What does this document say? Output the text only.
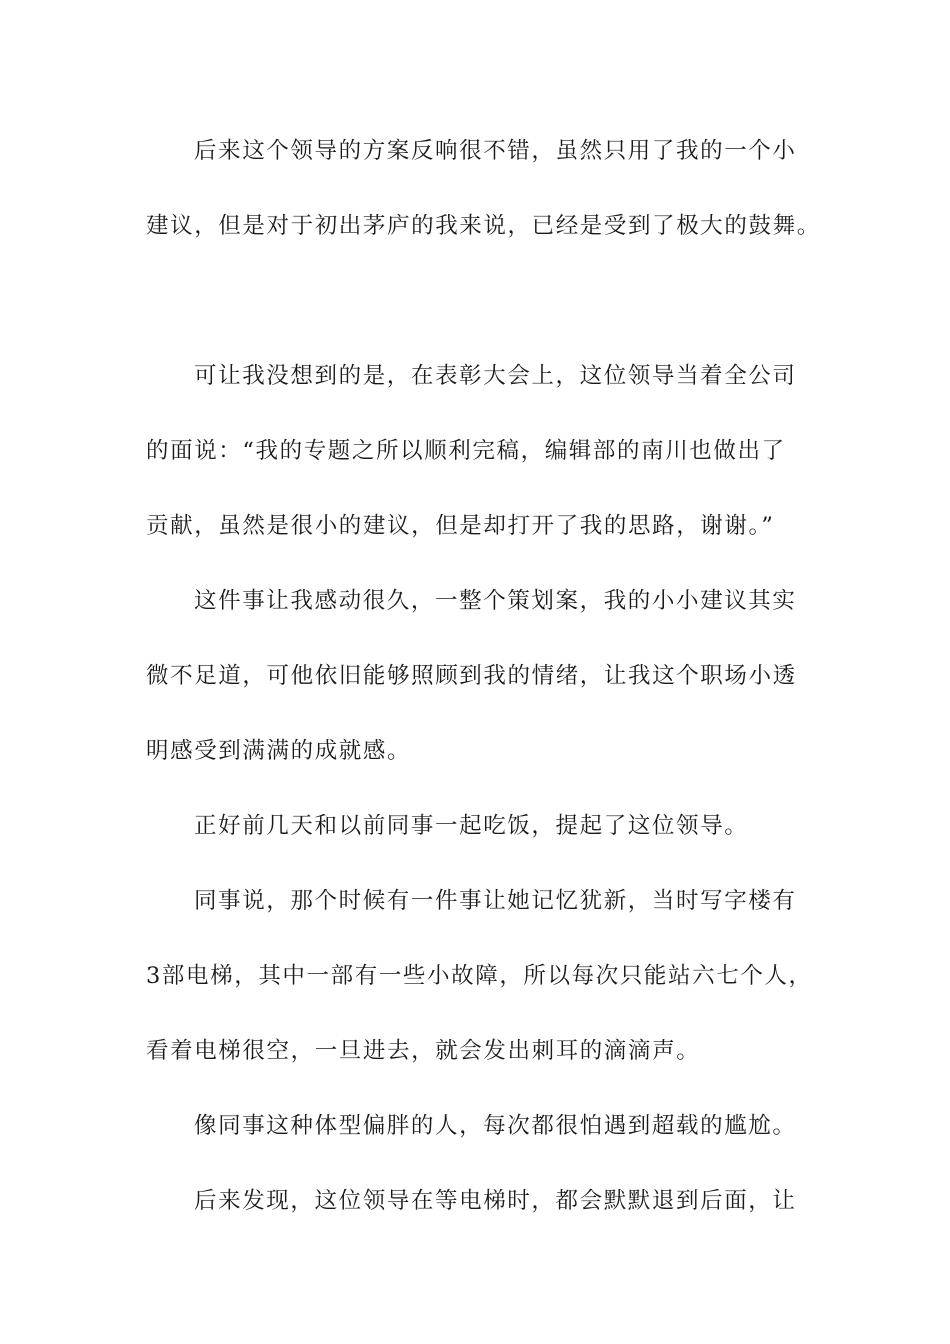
后来这个领导的方案反响很不错，虽然只用了我的一个小
建议，但是对于初出茅庐的我来说，已经是受到了极大的鼓舞。
可让我没想到的是，在表彰大会上，这位领导当着全公司
的面说：“我的专题之所以顺利完稿，编辑部的南川也做出了
贡献，虽然是很小的建议，但是却打开了我的思路，谢谢。”
这件事让我感动很久，一整个策划案，我的小小建议其实
微不足道，可他依旧能够照顾到我的情绪，让我这个职场小透
明感受到满满的成就感。
正好前几天和以前同事一起吃饭，提起了这位领导。
同事说，那个时候有一件事让她记忆犹新，当时写字楼有
3部电梯，其中一部有一些小故障，所以每次只能站六七个人，
看着电梯很空，一旦进去，就会发出刺耳的滴滴声。
像同事这种体型偏胖的人，每次都很怕遇到超载的尴尬。
后来发现，这位领导在等电梯时，都会默默退到后面，让
